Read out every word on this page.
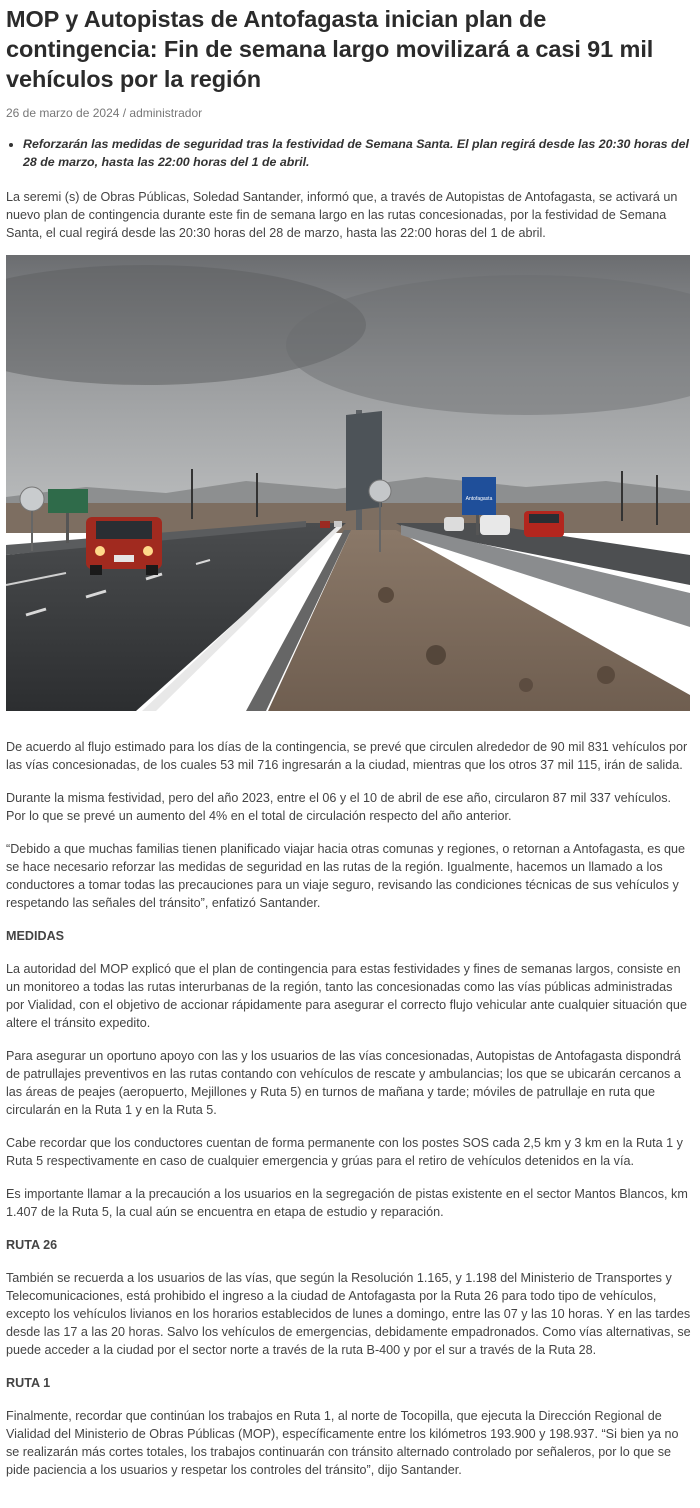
MOP y Autopistas de Antofagasta inician plan de contingencia: Fin de semana largo movilizará a casi 91 mil vehículos por la región
26 de marzo de 2024 / administrador
• Reforzarán las medidas de seguridad tras la festividad de Semana Santa. El plan regirá desde las 20:30 horas del 28 de marzo, hasta las 22:00 horas del 1 de abril.

La seremi (s) de Obras Públicas, Soledad Santander, informó que, a través de Autopistas de Antofagasta, se activará un nuevo plan de contingencia durante este fin de semana largo en las rutas concesionadas, por la festividad de Semana Santa, el cual regirá desde las 20:30 horas del 28 de marzo, hasta las 22:00 horas del 1 de abril.

Antofagasta

De acuerdo al flujo estimado para los días de la contingencia, se prevé que circulen alrededor de 90 mil 831 vehículos por las vías concesionadas, de los cuales 53 mil 716 ingresarán a la ciudad, mientras que los otros 37 mil 115, irán de salida.

Durante la misma festividad, pero del año 2023, entre el 06 y el 10 de abril de ese año, circularon 87 mil 337 vehículos. Por lo que se prevé un aumento del 4% en el total de circulación respecto del año anterior.

“Debido a que muchas familias tienen planificado viajar hacia otras comunas y regiones, o retornan a Antofagasta, es que se hace necesario reforzar las medidas de seguridad en las rutas de la región. Igualmente, hacemos un llamado a los conductores a tomar todas las precauciones para un viaje seguro, revisando las condiciones técnicas de sus vehículos y respetando las señales del tránsito”, enfatizó Santander.

MEDIDAS

La autoridad del MOP explicó que el plan de contingencia para estas festividades y fines de semanas largos, consiste en un monitoreo a todas las rutas interurbanas de la región, tanto las concesionadas como las vías públicas administradas por Vialidad, con el objetivo de accionar rápidamente para asegurar el correcto flujo vehicular ante cualquier situación que altere el tránsito expedito.

Para asegurar un oportuno apoyo con las y los usuarios de las vías concesionadas, Autopistas de Antofagasta dispondrá de patrullajes preventivos en las rutas contando con vehículos de rescate y ambulancias; los que se ubicarán cercanos a las áreas de peajes (aeropuerto, Mejillones y Ruta 5) en turnos de mañana y tarde; móviles de patrullaje en ruta que circularán en la Ruta 1 y en la Ruta 5.

Cabe recordar que los conductores cuentan de forma permanente con los postes SOS cada 2,5 km y 3 km en la Ruta 1 y Ruta 5 respectivamente en caso de cualquier emergencia y grúas para el retiro de vehículos detenidos en la vía.

Es importante llamar a la precaución a los usuarios en la segregación de pistas existente en el sector Mantos Blancos, km 1.407 de la Ruta 5, la cual aún se encuentra en etapa de estudio y reparación.

RUTA 26

También se recuerda a los usuarios de las vías, que según la Resolución 1.165, y 1.198 del Ministerio de Transportes y Telecomunicaciones, está prohibido el ingreso a la ciudad de Antofagasta por la Ruta 26 para todo tipo de vehículos, excepto los vehículos livianos en los horarios establecidos de lunes a domingo, entre las 07 y las 10 horas. Y en las tardes desde las 17 a las 20 horas. Salvo los vehículos de emergencias, debidamente empadronados. Como vías alternativas, se puede acceder a la ciudad por el sector norte a través de la ruta B-400 y por el sur a través de la Ruta 28.

RUTA 1

Finalmente, recordar que continúan los trabajos en Ruta 1, al norte de Tocopilla, que ejecuta la Dirección Regional de Vialidad del Ministerio de Obras Públicas (MOP), específicamente entre los kilómetros 193.900 y 198.937. “Si bien ya no se realizarán más cortes totales, los trabajos continuarán con tránsito alternado controlado por señaleros, por lo que se pide paciencia a los usuarios y respetar los controles del tránsito”, dijo Santander.
